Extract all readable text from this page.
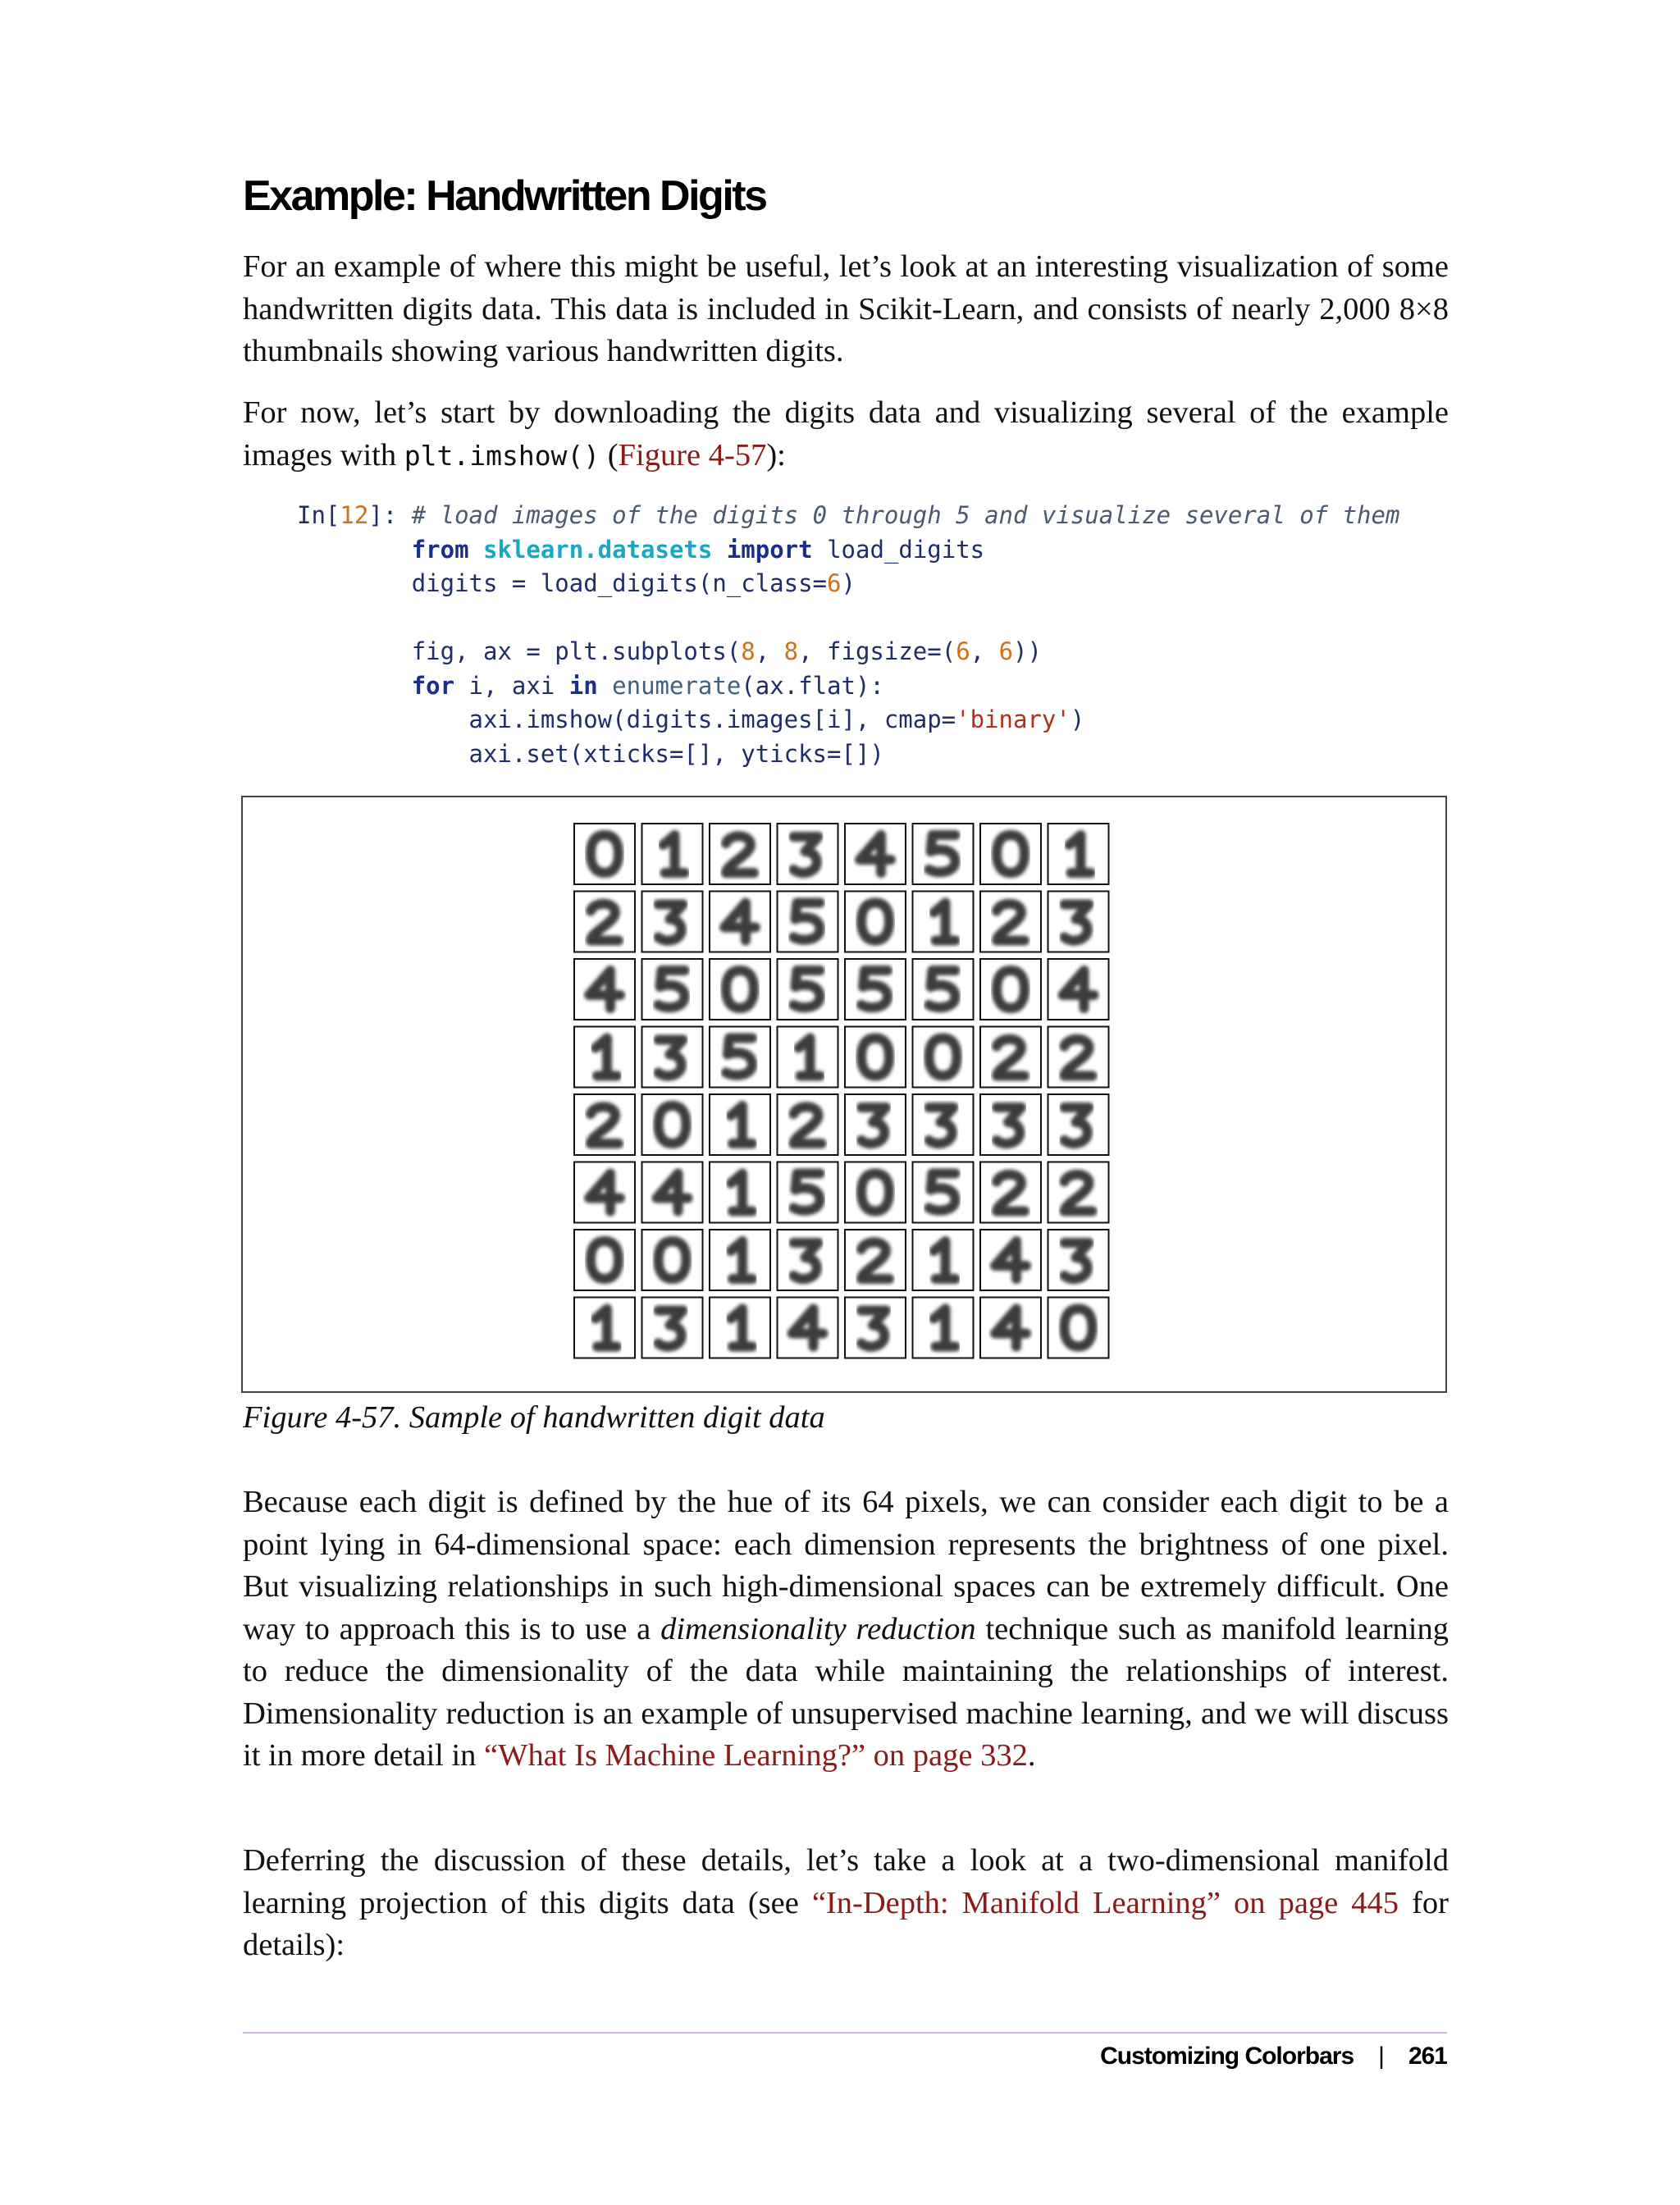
Example: Handwritten Digits

For an example of where this might be useful, let’s look at an interesting visualization of some handwritten digits data. This data is included in Scikit-Learn, and consists of nearly 2,000 8×8 thumbnails showing various handwritten digits.

For now, let’s start by downloading the digits data and visualizing several of the example images with plt.imshow() (Figure 4-57):

In[12]: # load images of the digits 0 through 5 and visualize several of them
from sklearn.datasets import load_digits
digits = load_digits(n_class=6)

fig, ax = plt.subplots(8, 8, figsize=(6, 6))
for i, axi in enumerate(ax.flat):
axi.imshow(digits.images[i], cmap='binary')
axi.set(xticks=[], yticks=[])

Figure 4-57. Sample of handwritten digit data

Because each digit is defined by the hue of its 64 pixels, we can consider each digit to be a point lying in 64-dimensional space: each dimension represents the brightness of one pixel. But visualizing relationships in such high-dimensional spaces can be extremely difficult. One way to approach this is to use a dimensionality reduction technique such as manifold learning to reduce the dimensionality of the data while maintaining the relationships of interest. Dimensionality reduction is an example of unsupervised machine learning, and we will discuss it in more detail in “What Is Machine Learning?” on page 332.

Deferring the discussion of these details, let’s take a look at a two-dimensional manifold learning projection of this digits data (see “In-Depth: Manifold Learning” on page 445 for details):

Customizing Colorbars | 261
